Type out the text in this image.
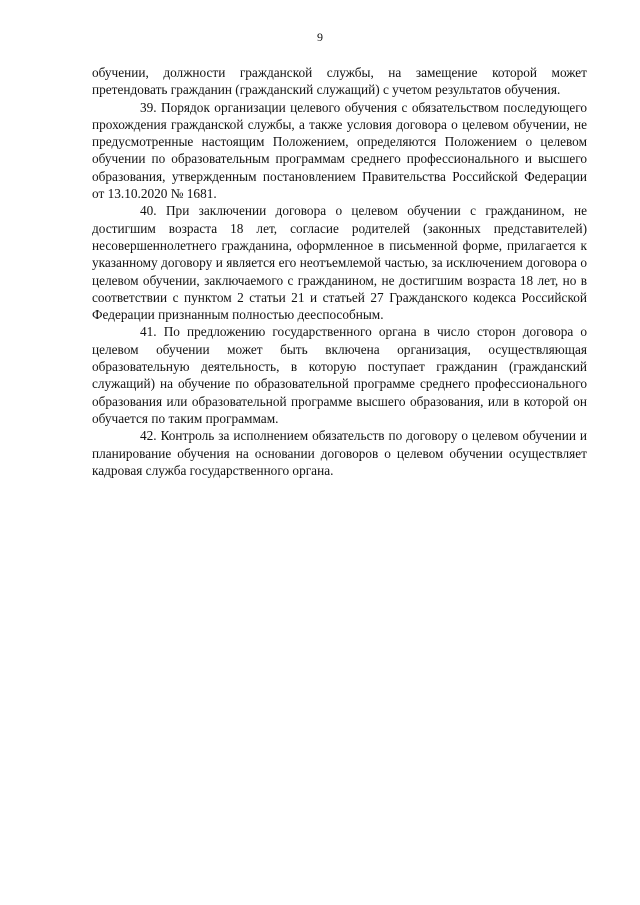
9

обучении, должности гражданской службы, на замещение которой может претендовать гражданин (гражданский служащий) с учетом результатов обучения.

39. Порядок организации целевого обучения с обязательством последующего прохождения гражданской службы, а также условия договора о целевом обучении, не предусмотренные настоящим Положением, определяются Положением о целевом обучении по образовательным программам среднего профессионального и высшего образования, утвержденным постановлением Правительства Российской Федерации от 13.10.2020 № 1681.

40. При заключении договора о целевом обучении с гражданином, не достигшим возраста 18 лет, согласие родителей (законных представителей) несовершеннолетнего гражданина, оформленное в письменной форме, прилагается к указанному договору и является его неотъемлемой частью, за исключением договора о целевом обучении, заключаемого с гражданином, не достигшим возраста 18 лет, но в соответствии с пунктом 2 статьи 21 и статьей 27 Гражданского кодекса Российской Федерации признанным полностью дееспособным.

41. По предложению государственного органа в число сторон договора о целевом обучении может быть включена организация, осуществляющая образовательную деятельность, в которую поступает гражданин (гражданский служащий) на обучение по образовательной программе среднего профессионального образования или образовательной программе высшего образования, или в которой он обучается по таким программам.

42. Контроль за исполнением обязательств по договору о целевом обучении и планирование обучения на основании договоров о целевом обучении осуществляет кадровая служба государственного органа.
